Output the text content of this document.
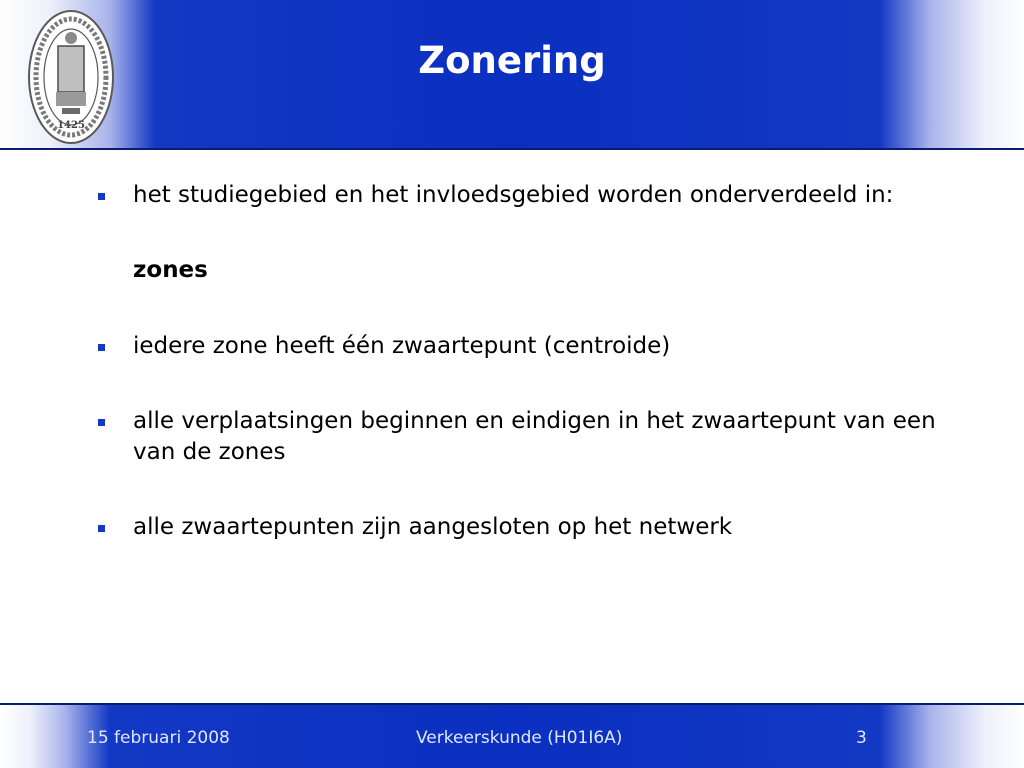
1425
Zonering
het studiegebied en het invloedsgebied worden onderverdeeld in:
zones
iedere zone heeft één zwaartepunt (centroide)
alle verplaatsingen beginnen en eindigen in het zwaartepunt van een van de zones
alle zwaartepunten zijn aangesloten op het netwerk
15 februari 2008	Verkeerskunde (H01I6A)	3
